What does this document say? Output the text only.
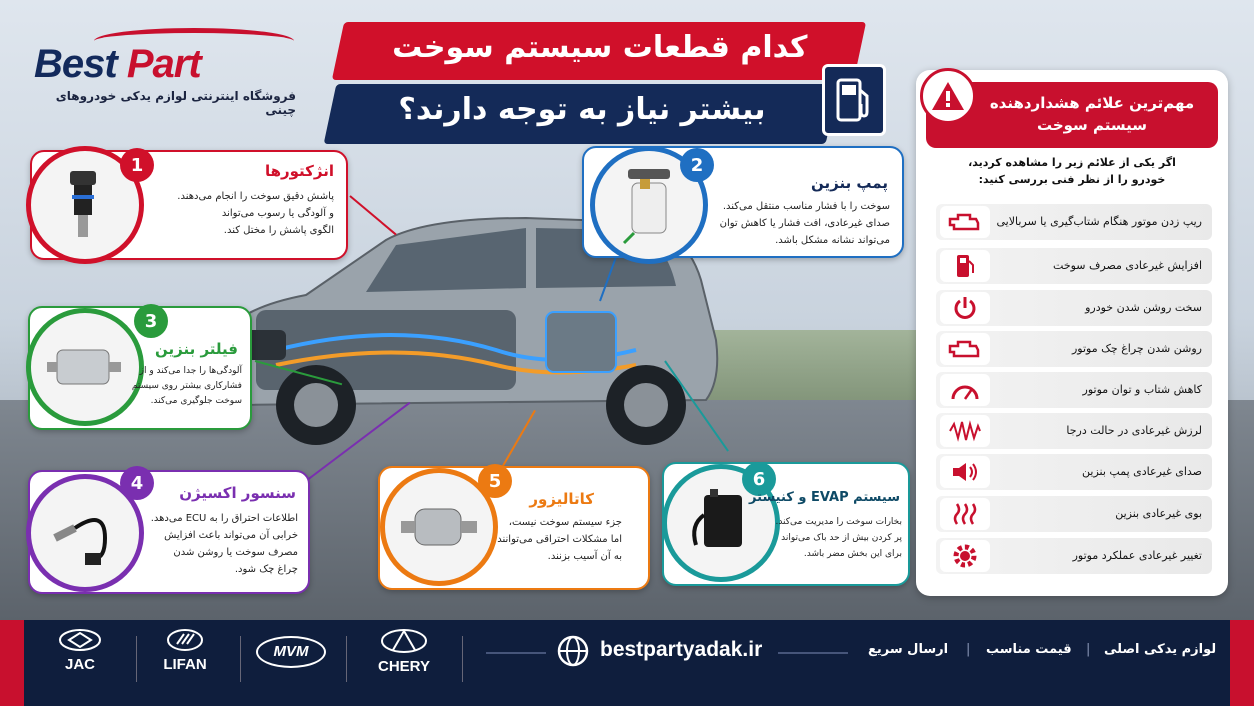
Best Part
فروشگاه اینترنتی لوازم یدکی خودروهای چینی
کدام قطعات سیستم سوخت
بیشتر نیاز به توجه دارند؟
1	انژکتورها

پاشش دقیق سوخت را انجام می‌دهند.
و آلودگی یا رسوب می‌تواند
الگوی پاشش را مختل کند.

2
پمپ بنزین

سوخت را با فشار مناسب منتقل می‌کند.
صدای غیرعادی، افت فشار یا کاهش توان
می‌تواند نشانه مشکل باشد.

3
فیلتر بنزین

آلودگی‌ها را جدا می‌کند و از
فشارکاری بیشتر روی سیستم
سوخت جلوگیری می‌کند.

4	سنسور اکسیژن

اطلاعات احتراق را به ECU می‌دهد.
خرابی آن می‌تواند باعث افزایش
مصرف سوخت یا روشن شدن
چراغ چک شود.

5
کاتالیزور

جزء سیستم سوخت نیست،
اما مشکلات احتراقی می‌توانند
به آن آسیب بزنند.

6
سیستم EVAP و کنیستر

بخارات سوخت را مدیریت می‌کند.
پر کردن بیش از حد باک می‌تواند
برای این بخش مضر باشد.

مهم‌ترین علائم هشداردهنده
سیستم سوخت
اگر یکی از علائم زیر را مشاهده کردید،
خودرو را از نظر فنی بررسی کنید:
ریپ زدن موتور هنگام شتاب‌گیری یا سربالایی
افزایش غیرعادی مصرف سوخت
سخت روشن شدن خودرو
روشن شدن چراغ چک موتور
کاهش شتاب و توان موتور
لرزش غیرعادی در حالت درجا
صدای غیرعادی پمپ بنزین
بوی غیرعادی بنزین
تغییر غیرعادی عملکرد موتور
JAC	LIFAN
MVM
CHERY
bestpartyadak.ir	ارسال سریع | قیمت مناسب | لوازم یدکی اصلی
